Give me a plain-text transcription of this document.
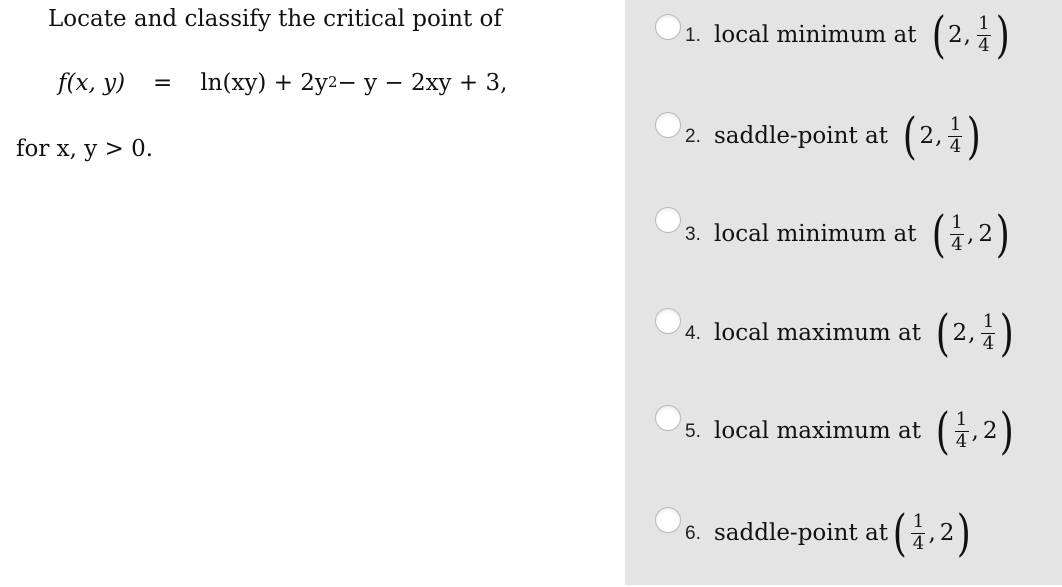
Locate and classify the critical point of
f(x, $y) = \ln(xy) + 2y^2 - y - 2xy + 3$,
for x, y > 0.
1. local minimum at ( 2 , $\frac{1}{4}$ )
2. saddle-point at ( 2 , $\frac{1}{4}$ )
3. local minimum at ( $\frac{1}{4}$ , 2 )
4. local maximum at ( 2 , $\frac{1}{4}$ )
5. local maximum at ( $\frac{1}{4}$ , 2 )
6. saddle-point at ( $\frac{1}{4}$ , 2 )
